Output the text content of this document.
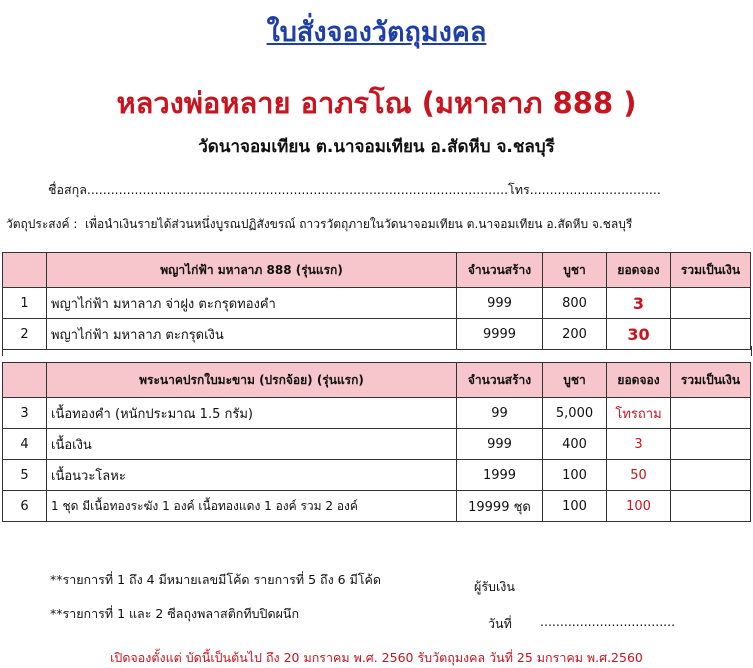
ใบสั่งจองวัตถุมงคล
หลวงพ่อหลาย อาภรโณ (มหาลาภ 888 )
วัดนาจอมเทียน ต.นาจอมเทียน อ.สัดหีบ จ.ชลบุรี
ชื่อสกุล..........................................................................................................โทร.................................
วัตถุประสงค์ : เพื่อนำเงินรายได้ส่วนหนึ่งบูรณปฏิสังขรณ์ ถาวรวัตถุภายในวัดนาจอมเทียน ต.นาจอมเทียน อ.สัดหีบ จ.ชลบุรี
	พญาไก่ฟ้า มหาลาภ 888 (รุ่นแรก)	จำนวนสร้าง	บูชา	ยอดจอง	รวมเป็นเงิน
1	พญาไก่ฟ้า มหาลาภ จ่าฝูง ตะกรุดทองคำ	999	800	3	
2	พญาไก่ฟ้า มหาลาภ ตะกรุดเงิน	9999	200	30	
	พระนาคปรกใบมะขาม (ปรกจ้อย) (รุ่นแรก)	จำนวนสร้าง	บูชา	ยอดจอง	รวมเป็นเงิน
3	เนื้อทองคำ (หนักประมาณ 1.5 กรัม)	99	5,000	โทรถาม	
4	เนื้อเงิน	999	400	3	
5	เนื้อนวะโลหะ	1999	100	50	
6	1 ชุด มีเนื้อทองระฆัง 1 องค์ เนื้อทองแดง 1 องค์ รวม 2 องค์	19999 ชุด	100	100	
**รายการที่ 1 ถึง 4 มีหมายเลขมีโค้ด รายการที่ 5 ถึง 6 มีโค้ด
**รายการที่ 1 และ 2 ซีลถุงพลาสติกทีบปิดผนึก
ผู้รับเงิน
วันที่ ..................................
เปิดจองตั้งแต่ บัดนี้เป็นต้นไป ถึง 20 มกราคม พ.ศ. 2560 รับวัตถุมงคล วันที่ 25 มกราคม พ.ศ.2560
